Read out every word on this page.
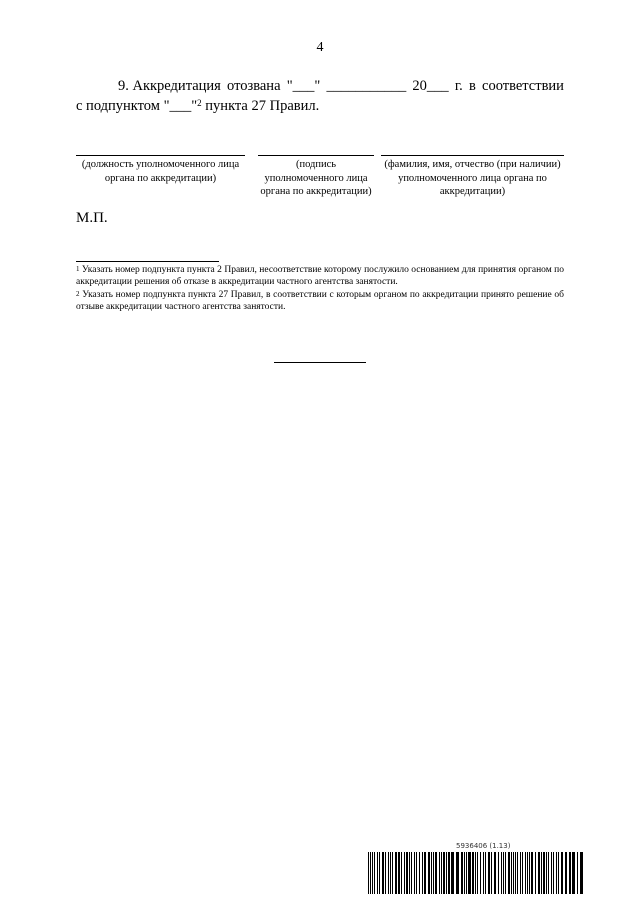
4
9. Аккредитация отозвана "___" ___________ 20___ г. в соответствии
с подпунктом "___"$^2$ пункта 27 Правил.
(должность уполномоченного лица органа по аккредитации)
(подпись уполномоченного лица органа по аккредитации)
(фамилия, имя, отчество (при наличии) уполномоченного лица органа по аккредитации)
М.П.
$^1$ Указать номер подпункта пункта 2 Правил, несоответствие которому послужило основанием для принятия органом по аккредитации решения об отказе в аккредитации частного агентства занятости.
$^2$ Указать номер подпункта пункта 27 Правил, в соответствии с которым органом по аккредитации принято решение об отзыве аккредитации частного агентства занятости.
5936406 (1.13)
